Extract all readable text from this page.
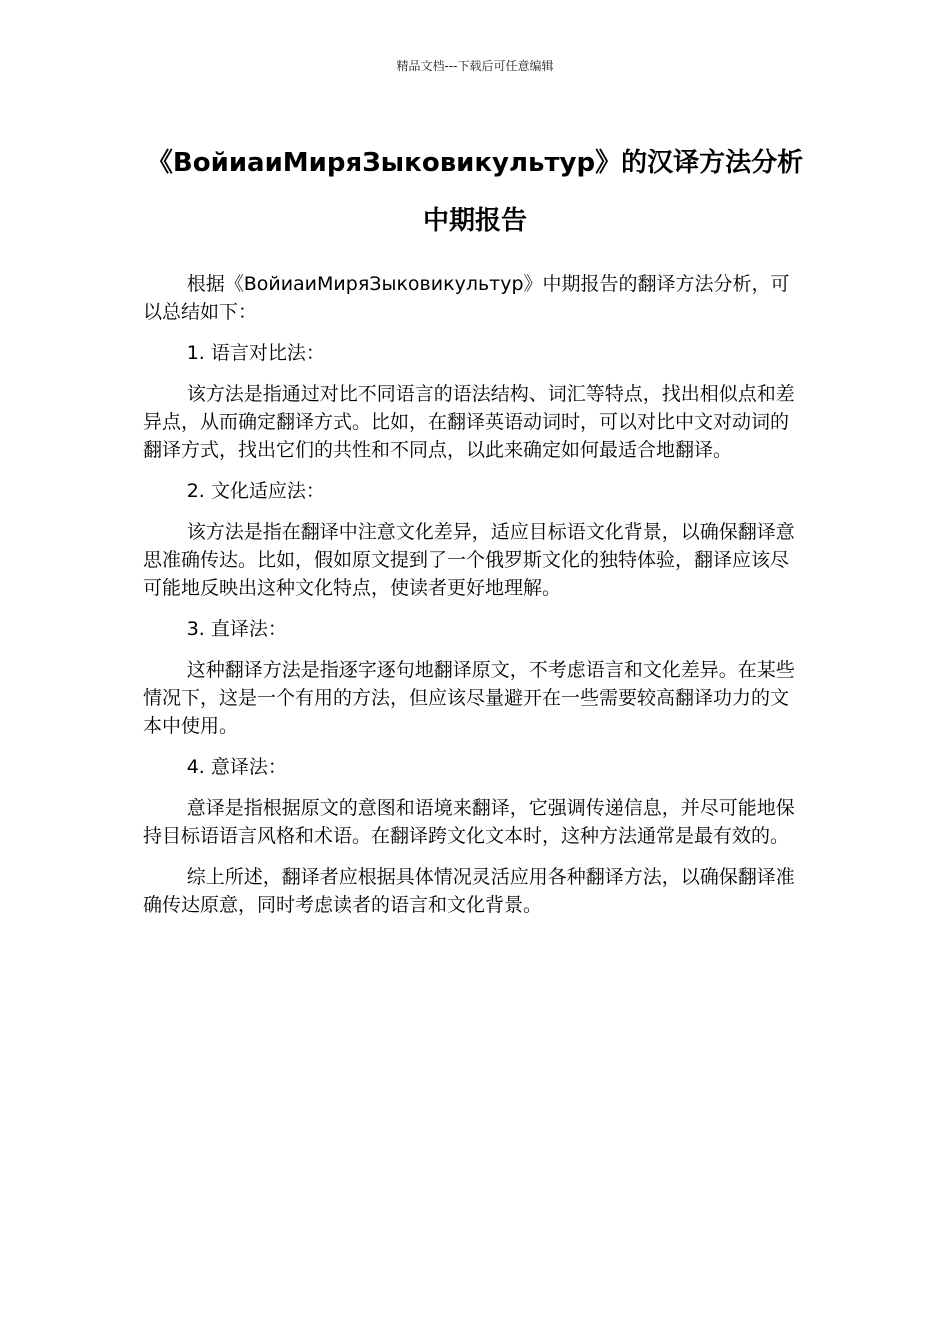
精品文档---下载后可任意编辑
《ВойиаиМиряЗыковикультур》的汉译方法分析中期报告

根据《ВойиаиМиряЗыковикультур》中期报告的翻译方法分析，可以总结如下：

1. 语言对比法：

该方法是指通过对比不同语言的语法结构、词汇等特点，找出相似点和差异点，从而确定翻译方式。比如，在翻译英语动词时，可以对比中文对动词的翻译方式，找出它们的共性和不同点，以此来确定如何最适合地翻译。

2. 文化适应法：

该方法是指在翻译中注意文化差异，适应目标语文化背景，以确保翻译意思准确传达。比如，假如原文提到了一个俄罗斯文化的独特体验，翻译应该尽可能地反映出这种文化特点，使读者更好地理解。

3. 直译法：

这种翻译方法是指逐字逐句地翻译原文，不考虑语言和文化差异。在某些情况下，这是一个有用的方法，但应该尽量避开在一些需要较高翻译功力的文本中使用。

4. 意译法：

意译是指根据原文的意图和语境来翻译，它强调传递信息，并尽可能地保持目标语语言风格和术语。在翻译跨文化文本时，这种方法通常是最有效的。

综上所述，翻译者应根据具体情况灵活应用各种翻译方法，以确保翻译准确传达原意，同时考虑读者的语言和文化背景。
